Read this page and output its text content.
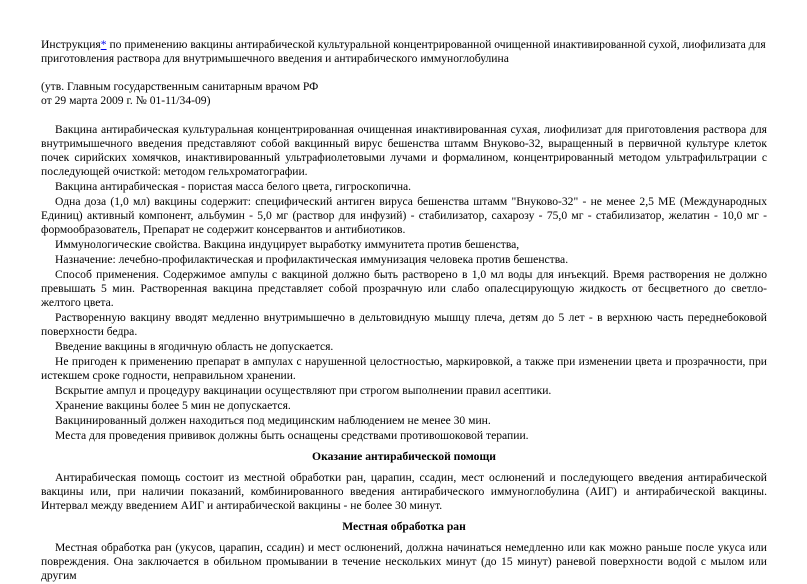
Инструкция* по применению вакцины антирабической культуральной концентрированной очищенной инактивированной сухой, лиофилизата для приготовления раствора для внутримышечного введения и антирабического иммуноглобулина
(утв. Главным государственным санитарным врачом РФ
от 29 марта 2009 г. № 01-11/34-09)

Вакцина антирабическая культуральная концентрированная очищенная инактивированная сухая, лиофилизат для приготовления раствора для внутримышечного введения представляют собой вакцинный вирус бешенства штамм Внуково-32, выращенный в первичной культуре клеток почек сирийских хомячков, инактивированный ультрафиолетовыми лучами и формалином, концентрированный методом ультрафильтрации с последующей очисткой: методом гельхроматографии.

Вакцина антирабическая - пористая масса белого цвета, гигроскопична.

Одна доза (1,0 мл) вакцины содержит: специфический антиген вируса бешенства штамм "Внуково-32" - не менее 2,5 МЕ (Международных Единиц) активный компонент, альбумин - 5,0 мг (раствор для инфузий) - стабилизатор, сахарозу - 75,0 мг - стабилизатор, желатин - 10,0 мг - формообразователь, Препарат не содержит консервантов и антибиотиков.

Иммунологические свойства. Вакцина индуцирует выработку иммунитета против бешенства,

Назначение: лечебно-профилактическая и профилактическая иммунизация человека против бешенства.

Способ применения. Содержимое ампулы с вакциной должно быть растворено в 1,0 мл воды для инъекций. Время растворения не должно превышать 5 мин. Растворенная вакцина представляет собой прозрачную или слабо опалесцирующую жидкость от бесцветного до светло-желтого цвета.

Растворенную вакцину вводят медленно внутримышечно в дельтовидную мышцу плеча, детям до 5 лет - в верхнюю часть переднебоковой поверхности бедра.

Введение вакцины в ягодичную область не допускается.

Не пригоден к применению препарат в ампулах с нарушенной целостностью, маркировкой, а также при изменении цвета и прозрачности, при истекшем сроке годности, неправильном хранении.

Вскрытие ампул и процедуру вакцинации осуществляют при строгом выполнении правил асептики.

Хранение вакцины более 5 мин не допускается.

Вакцинированный должен находиться под медицинским наблюдением не менее 30 мин.

Места для проведения прививок должны быть оснащены средствами противошоковой терапии.

Оказание антирабической помощи

Антирабическая помощь состоит из местной обработки ран, царапин, ссадин, мест ослюнений и последующего введения антирабической вакцины или, при наличии показаний, комбинированного введения антирабического иммуноглобулина (АИГ) и антирабической вакцины. Интервал между введением АИГ и антирабической вакцины - не более 30 минут.

Местная обработка ран

Местная обработка ран (укусов, царапин, ссадин) и мест ослюнений, должна начинаться немедленно или как можно раньше после укуса или повреждения. Она заключается в обильном промывании в течение нескольких минут (до 15 минут) раневой поверхности водой с мылом или другим
